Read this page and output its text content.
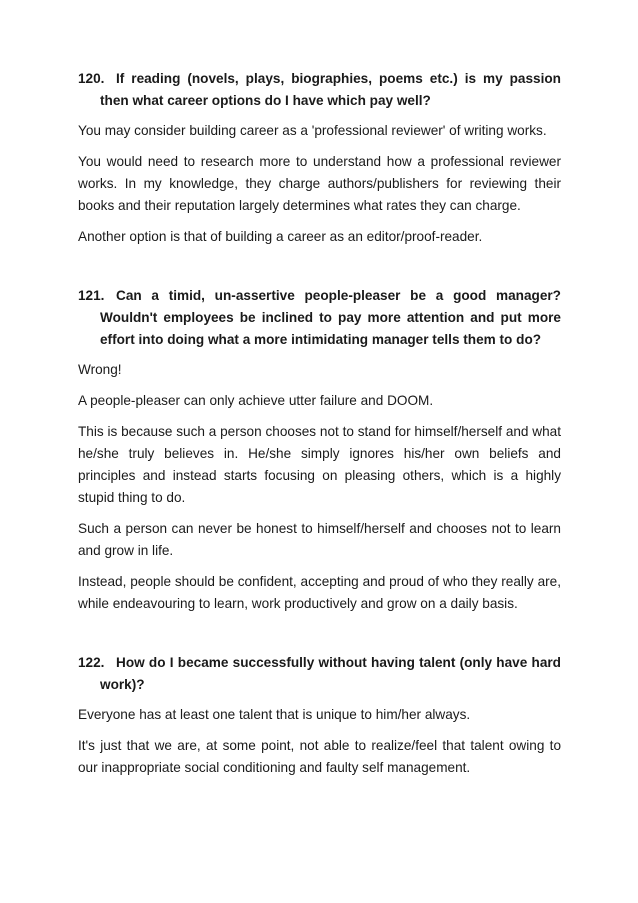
120. If reading (novels, plays, biographies, poems etc.) is my passion then what career options do I have which pay well?

You may consider building career as a 'professional reviewer' of writing works.

You would need to research more to understand how a professional reviewer works. In my knowledge, they charge authors/publishers for reviewing their books and their reputation largely determines what rates they can charge.

Another option is that of building a career as an editor/proof-reader.

121. Can a timid, un-assertive people-pleaser be a good manager? Wouldn't employees be inclined to pay more attention and put more effort into doing what a more intimidating manager tells them to do?

Wrong!

A people-pleaser can only achieve utter failure and DOOM.

This is because such a person chooses not to stand for himself/herself and what he/she truly believes in. He/she simply ignores his/her own beliefs and principles and instead starts focusing on pleasing others, which is a highly stupid thing to do.

Such a person can never be honest to himself/herself and chooses not to learn and grow in life.

Instead, people should be confident, accepting and proud of who they really are, while endeavouring to learn, work productively and grow on a daily basis.

122. How do I became successfully without having talent (only have hard work)?

Everyone has at least one talent that is unique to him/her always.

It's just that we are, at some point, not able to realize/feel that talent owing to our inappropriate social conditioning and faulty self management.
